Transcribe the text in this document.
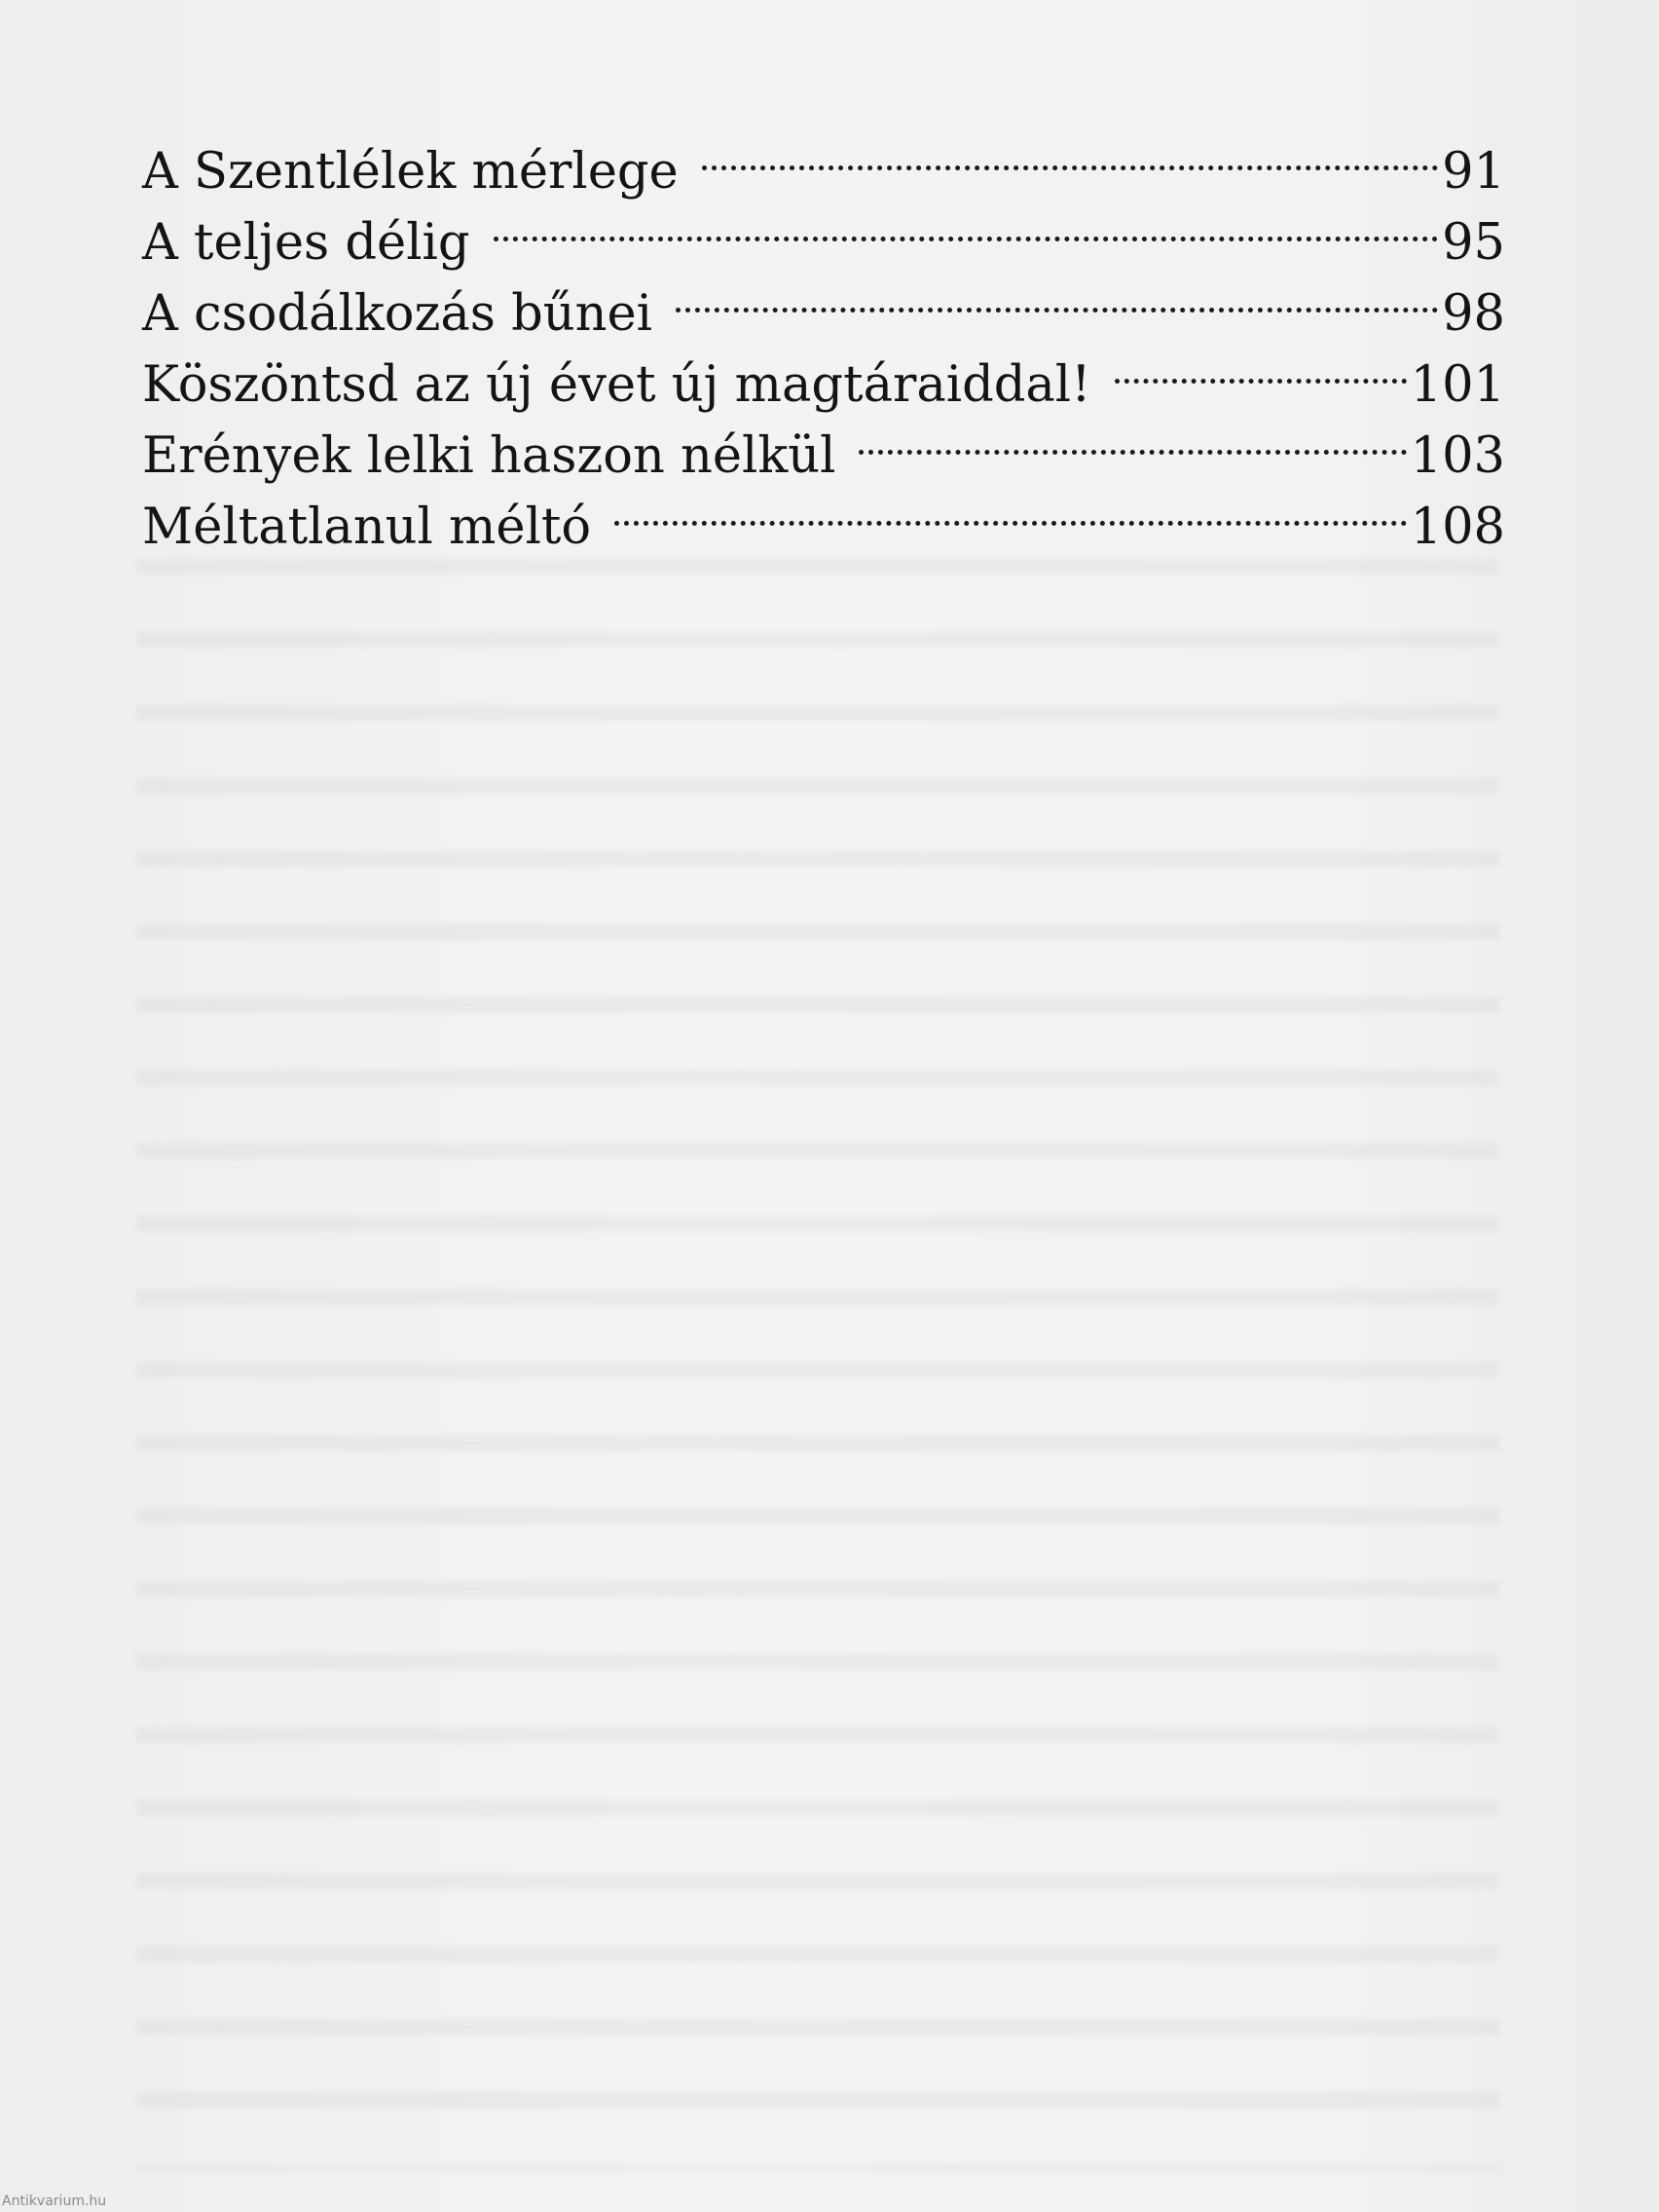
A Szentlélek mérlege	91
A teljes délig	95
A csodálkozás bűnei	98
Köszöntsd az új évet új magtáraiddal!	101
Erények lelki haszon nélkül	103
Méltatlanul méltó	108
Antikvarium.hu
